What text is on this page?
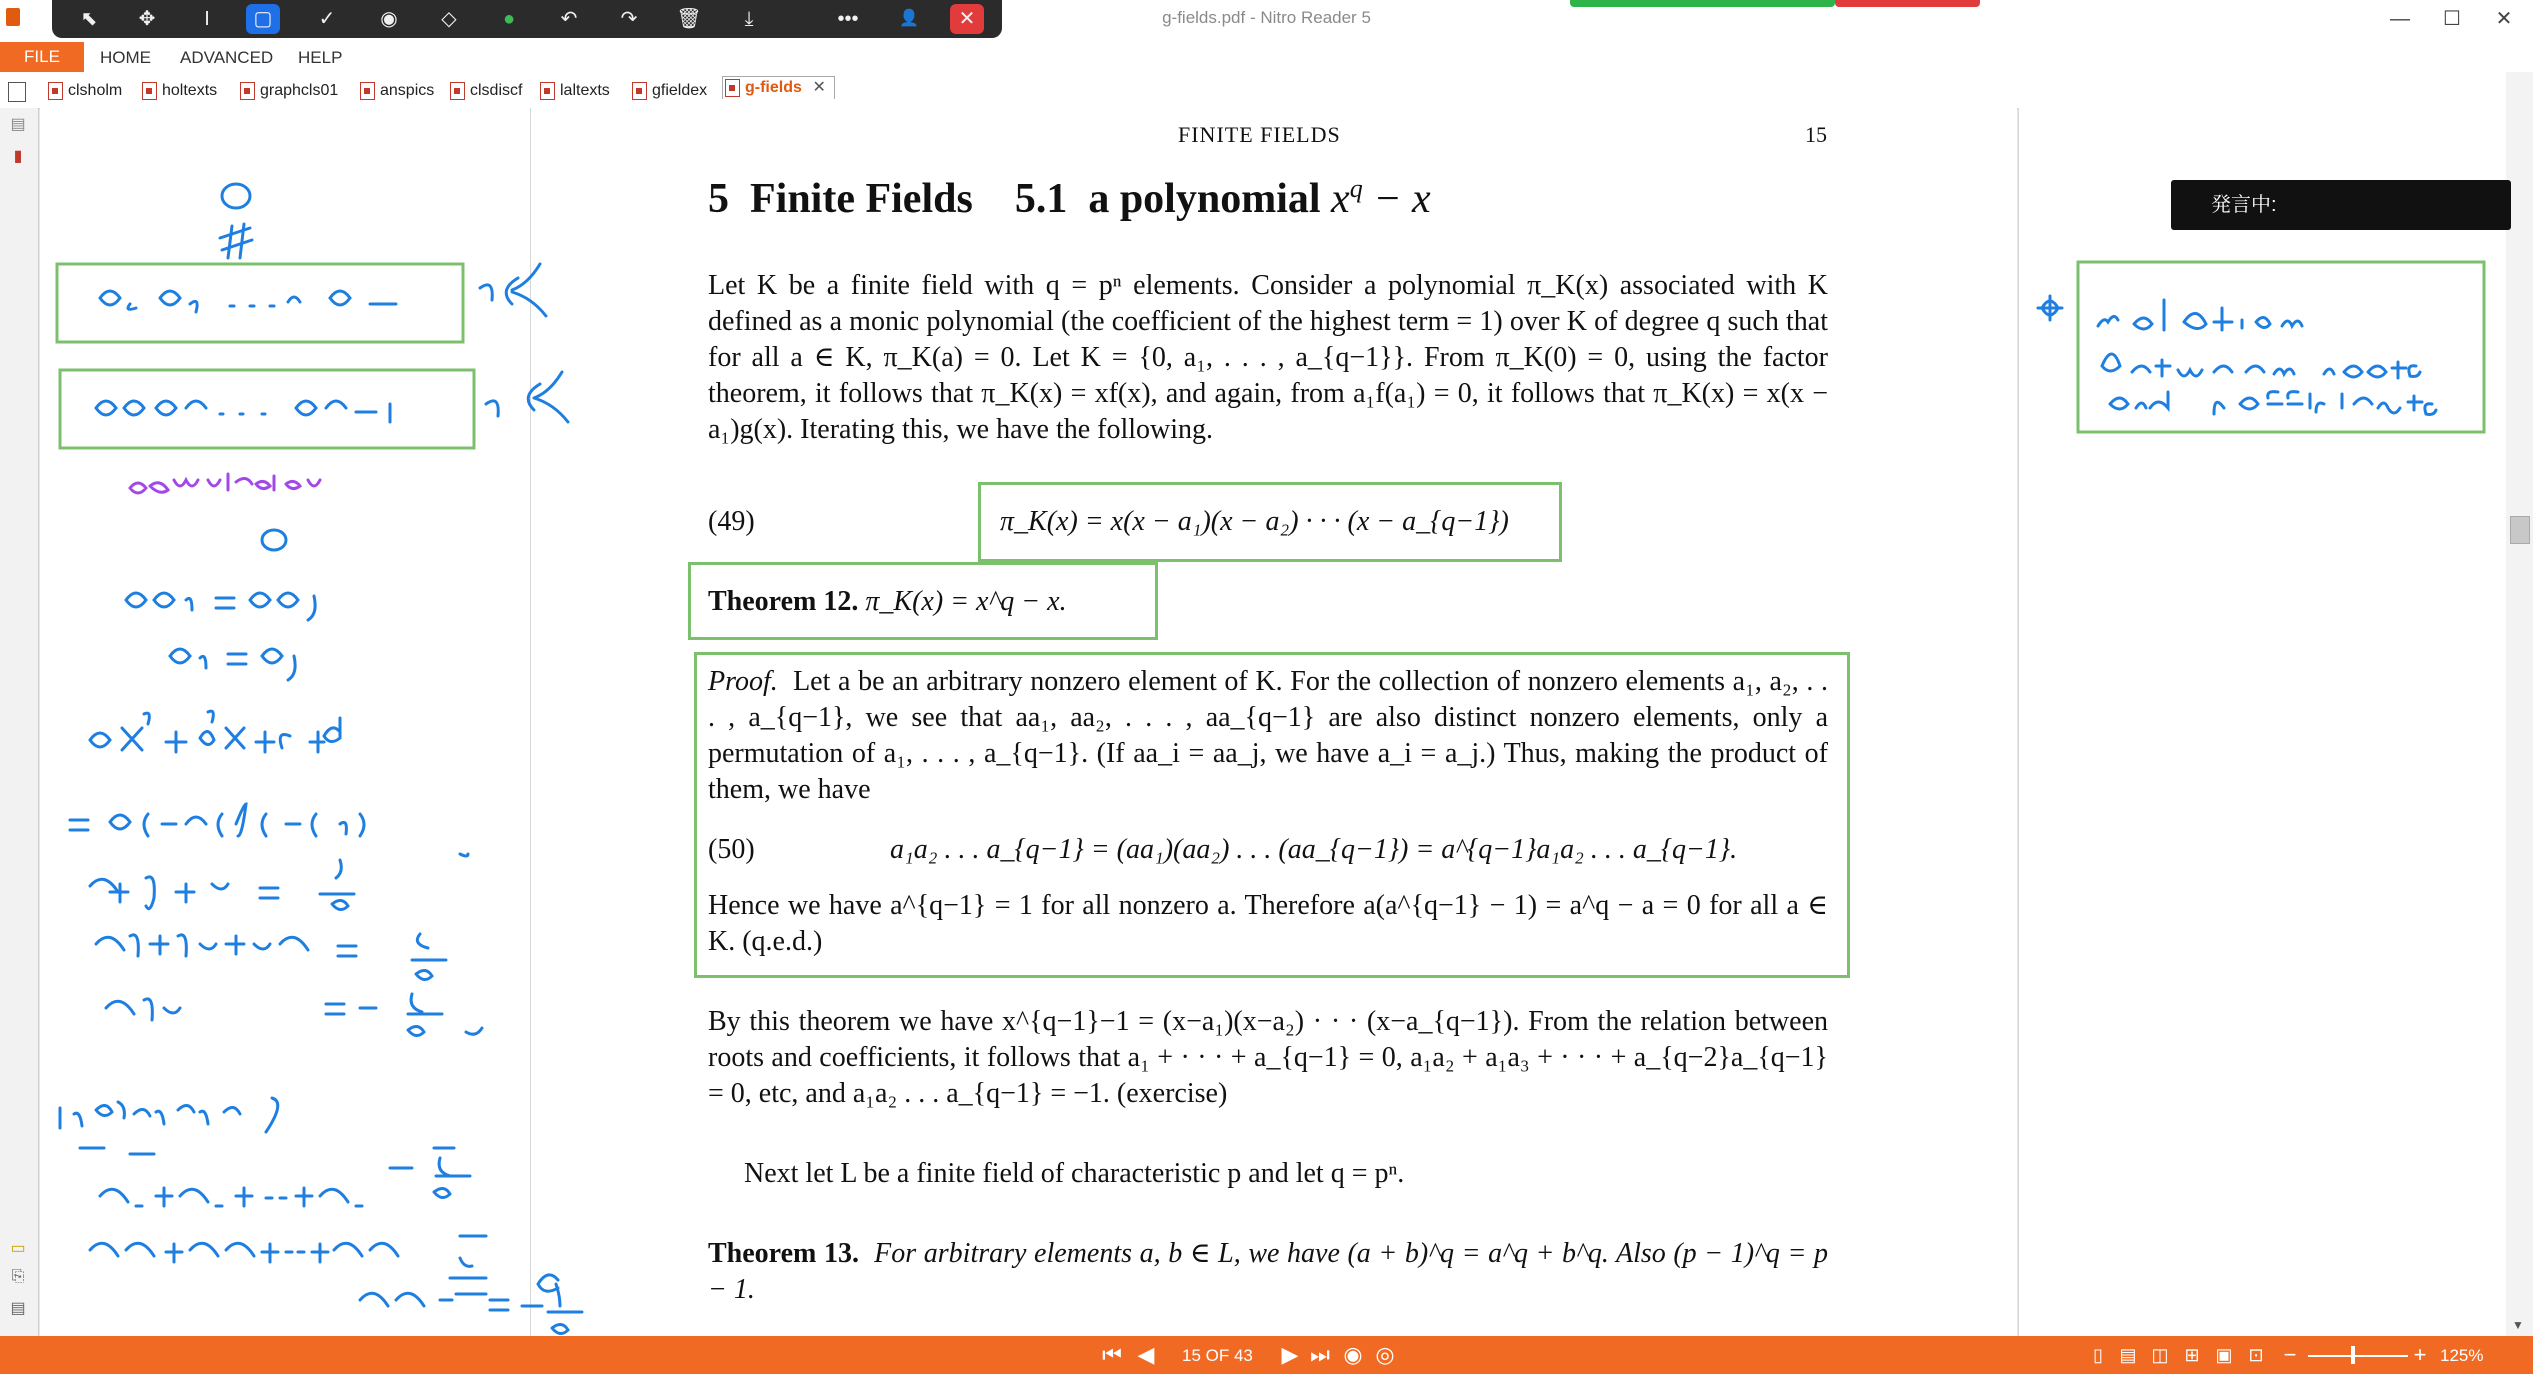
g-fields.pdf - Nitro Reader 5	—	☐	✕
⬉	✥	I	▢	✓	◉	◇	●	↶	↷	🗑	⤓	•••	👤	✕
FILE	HOME ADVANCED HELP
clsholm	holtexts	graphcls01	anspics	clsdiscf	laltexts	gfieldex	g-fields ✕
▤
▮
▭
⎘
▤
▼
FINITE FIELDS	15
5 Finite Fields 5.1 a polynomial $x^q - x$
Let K be a finite field with q = pⁿ elements. Consider a polynomial π_K(x) associated with K defined as a monic polynomial (the coefficient of the highest term = 1) over K of degree q such that for all a ∈ K, π_K(a) = 0. Let K = {0, a₁, . . . , a_{q−1}}. From π_K(0) = 0, using the factor theorem, it follows that π_K(x) = xf(x), and again, from a₁f(a₁) = 0, it follows that π_K(x) = x(x − a₁)g(x). Iterating this, we have the following.
(49)	π_K(x) = x(x − a₁)(x − a₂) · · · (x − a_{q−1})
Theorem 12. π_K(x) = x^q − x.
Proof. Let a be an arbitrary nonzero element of K. For the collection of nonzero elements a₁, a₂, . . . , a_{q−1}, we see that aa₁, aa₂, . . . , aa_{q−1} are also distinct nonzero elements, only a permutation of a₁, . . . , a_{q−1}. (If aa_i = aa_j, we have a_i = a_j.) Thus, making the product of them, we have
(50)	a₁a₂ . . . a_{q−1} = (aa₁)(aa₂) . . . (aa_{q−1}) = a^{q−1}a₁a₂ . . . a_{q−1}.
Hence we have a^{q−1} = 1 for all nonzero a. Therefore a(a^{q−1} − 1) = a^q − a = 0 for all a ∈ K. (q.e.d.)
By this theorem we have x^{q−1}−1 = (x−a₁)(x−a₂) · · · (x−a_{q−1}). From the relation between roots and coefficients, it follows that a₁ + · · · + a_{q−1} = 0, a₁a₂ + a₁a₃ + · · · + a_{q−2}a_{q−1} = 0, etc, and a₁a₂ . . . a_{q−1} = −1. (exercise)
Next let L be a finite field of characteristic p and let q = pⁿ.
Theorem 13. For arbitrary elements a, b ∈ L, we have (a + b)^q = a^q + b^q. Also (p − 1)^q = p − 1.
発言中:
⏮ ◀ 15 OF 43 ▶ ⏭ ◉ ◎	▯ ▤ ◫ ⊞ ▣ ⊡ −	+ 125%
